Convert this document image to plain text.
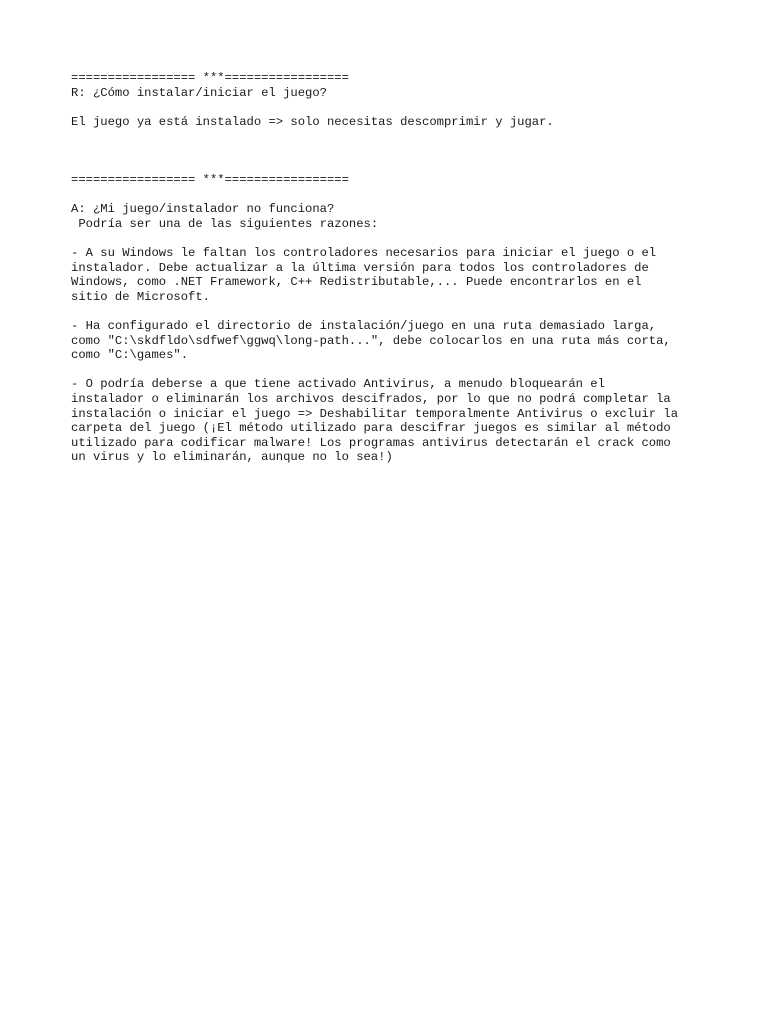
================= ***=================

R: ¿Cómo instalar/iniciar el juego?

El juego ya está instalado => solo necesitas descomprimir y jugar.

================= ***=================

A: ¿Mi juego/instalador no funciona?

Podría ser una de las siguientes razones:

- A su Windows le faltan los controladores necesarios para iniciar el juego o el

instalador. Debe actualizar a la última versión para todos los controladores de

Windows, como .NET Framework, C++ Redistributable,... Puede encontrarlos en el

sitio de Microsoft.

- Ha configurado el directorio de instalación/juego en una ruta demasiado larga,

como "C:\skdfldo\sdfwef\ggwq\long-path...", debe colocarlos en una ruta más corta,

como "C:\games".

- O podría deberse a que tiene activado Antivirus, a menudo bloquearán el

instalador o eliminarán los archivos descifrados, por lo que no podrá completar la

instalación o iniciar el juego => Deshabilitar temporalmente Antivirus o excluir la

carpeta del juego (¡El método utilizado para descifrar juegos es similar al método

utilizado para codificar malware! Los programas antivirus detectarán el crack como

un virus y lo eliminarán, aunque no lo sea!)
